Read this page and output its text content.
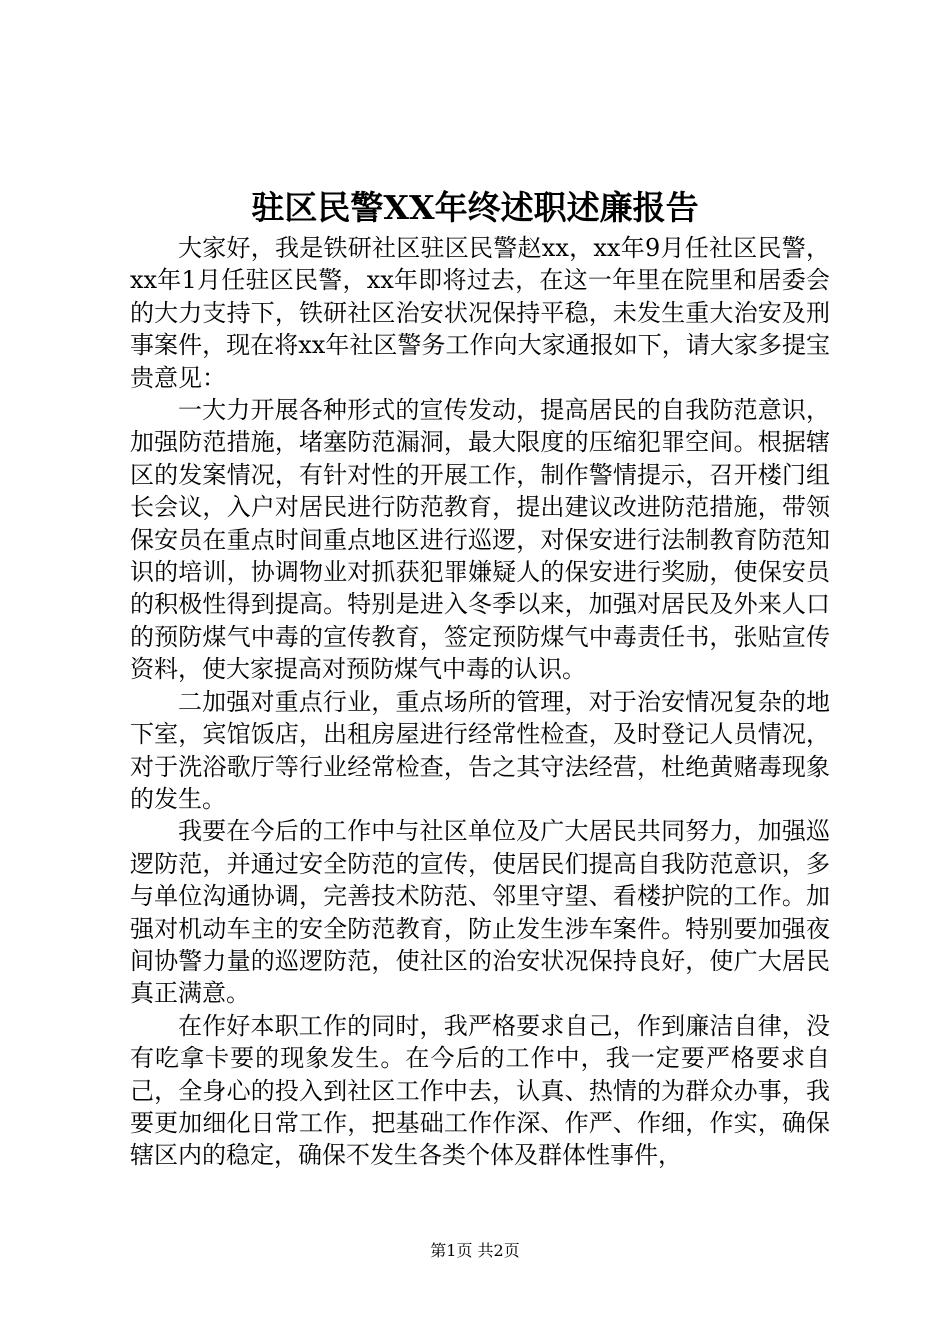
驻区民警XX年终述职述廉报告

大家好，我是铁研社区驻区民警赵xx，xx年9月任社区民警，xx年1月任驻区民警，xx年即将过去，在这一年里在院里和居委会的大力支持下，铁研社区治安状况保持平稳，未发生重大治安及刑事案件，现在将xx年社区警务工作向大家通报如下，请大家多提宝贵意见：

一大力开展各种形式的宣传发动，提高居民的自我防范意识，加强防范措施，堵塞防范漏洞，最大限度的压缩犯罪空间。根据辖区的发案情况，有针对性的开展工作，制作警情提示，召开楼门组长会议，入户对居民进行防范教育，提出建议改进防范措施，带领保安员在重点时间重点地区进行巡逻，对保安进行法制教育防范知识的培训，协调物业对抓获犯罪嫌疑人的保安进行奖励，使保安员的积极性得到提高。特别是进入冬季以来，加强对居民及外来人口的预防煤气中毒的宣传教育，签定预防煤气中毒责任书，张贴宣传资料，使大家提高对预防煤气中毒的认识。

二加强对重点行业，重点场所的管理，对于治安情况复杂的地下室，宾馆饭店，出租房屋进行经常性检查，及时登记人员情况，对于洗浴歌厅等行业经常检查，告之其守法经营，杜绝黄赌毒现象的发生。

我要在今后的工作中与社区单位及广大居民共同努力，加强巡逻防范，并通过安全防范的宣传，使居民们提高自我防范意识，多与单位沟通协调，完善技术防范、邻里守望、看楼护院的工作。加强对机动车主的安全防范教育，防止发生涉车案件。特别要加强夜间协警力量的巡逻防范，使社区的治安状况保持良好，使广大居民真正满意。

在作好本职工作的同时，我严格要求自己，作到廉洁自律，没有吃拿卡要的现象发生。在今后的工作中，我一定要严格要求自己，全身心的投入到社区工作中去，认真、热情的为群众办事，我要更加细化日常工作，把基础工作作深、作严、作细，作实，确保辖区内的稳定，确保不发生各类个体及群体性事件，

第1页 共2页
